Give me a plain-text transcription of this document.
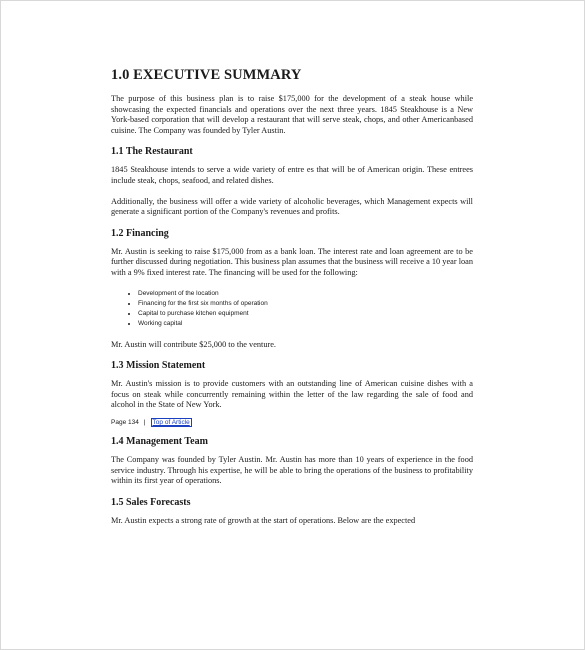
1.0 EXECUTIVE SUMMARY

The purpose of this business plan is to raise $175,000 for the development of a steak house while showcasing the expected financials and operations over the next three years. 1845 Steakhouse is a New York-based corporation that will develop a restaurant that will serve steak, chops, and other Americanbased cuisine. The Company was founded by Tyler Austin.

1.1 The Restaurant

1845 Steakhouse intends to serve a wide variety of entre es that will be of American origin. These entrees include steak, chops, seafood, and related dishes.

Additionally, the business will offer a wide variety of alcoholic beverages, which Management expects will generate a significant portion of the Company's revenues and profits.

1.2 Financing

Mr. Austin is seeking to raise $175,000 from as a bank loan. The interest rate and loan agreement are to be further discussed during negotiation. This business plan assumes that the business will receive a 10 year loan with a 9% fixed interest rate. The financing will be used for the following:

• Development of the location
• Financing for the first six months of operation
• Capital to purchase kitchen equipment
• Working capital

Mr. Austin will contribute $25,000 to the venture.

1.3 Mission Statement

Mr. Austin's mission is to provide customers with an outstanding line of American cuisine dishes with a focus on steak while concurrently remaining within the letter of the law regarding the sale of food and alcohol in the State of New York.

Page 134 | Top of Article
1.4 Management Team

The Company was founded by Tyler Austin. Mr. Austin has more than 10 years of experience in the food service industry. Through his expertise, he will be able to bring the operations of the business to profitability within its first year of operations.

1.5 Sales Forecasts

Mr. Austin expects a strong rate of growth at the start of operations. Below are the expected
